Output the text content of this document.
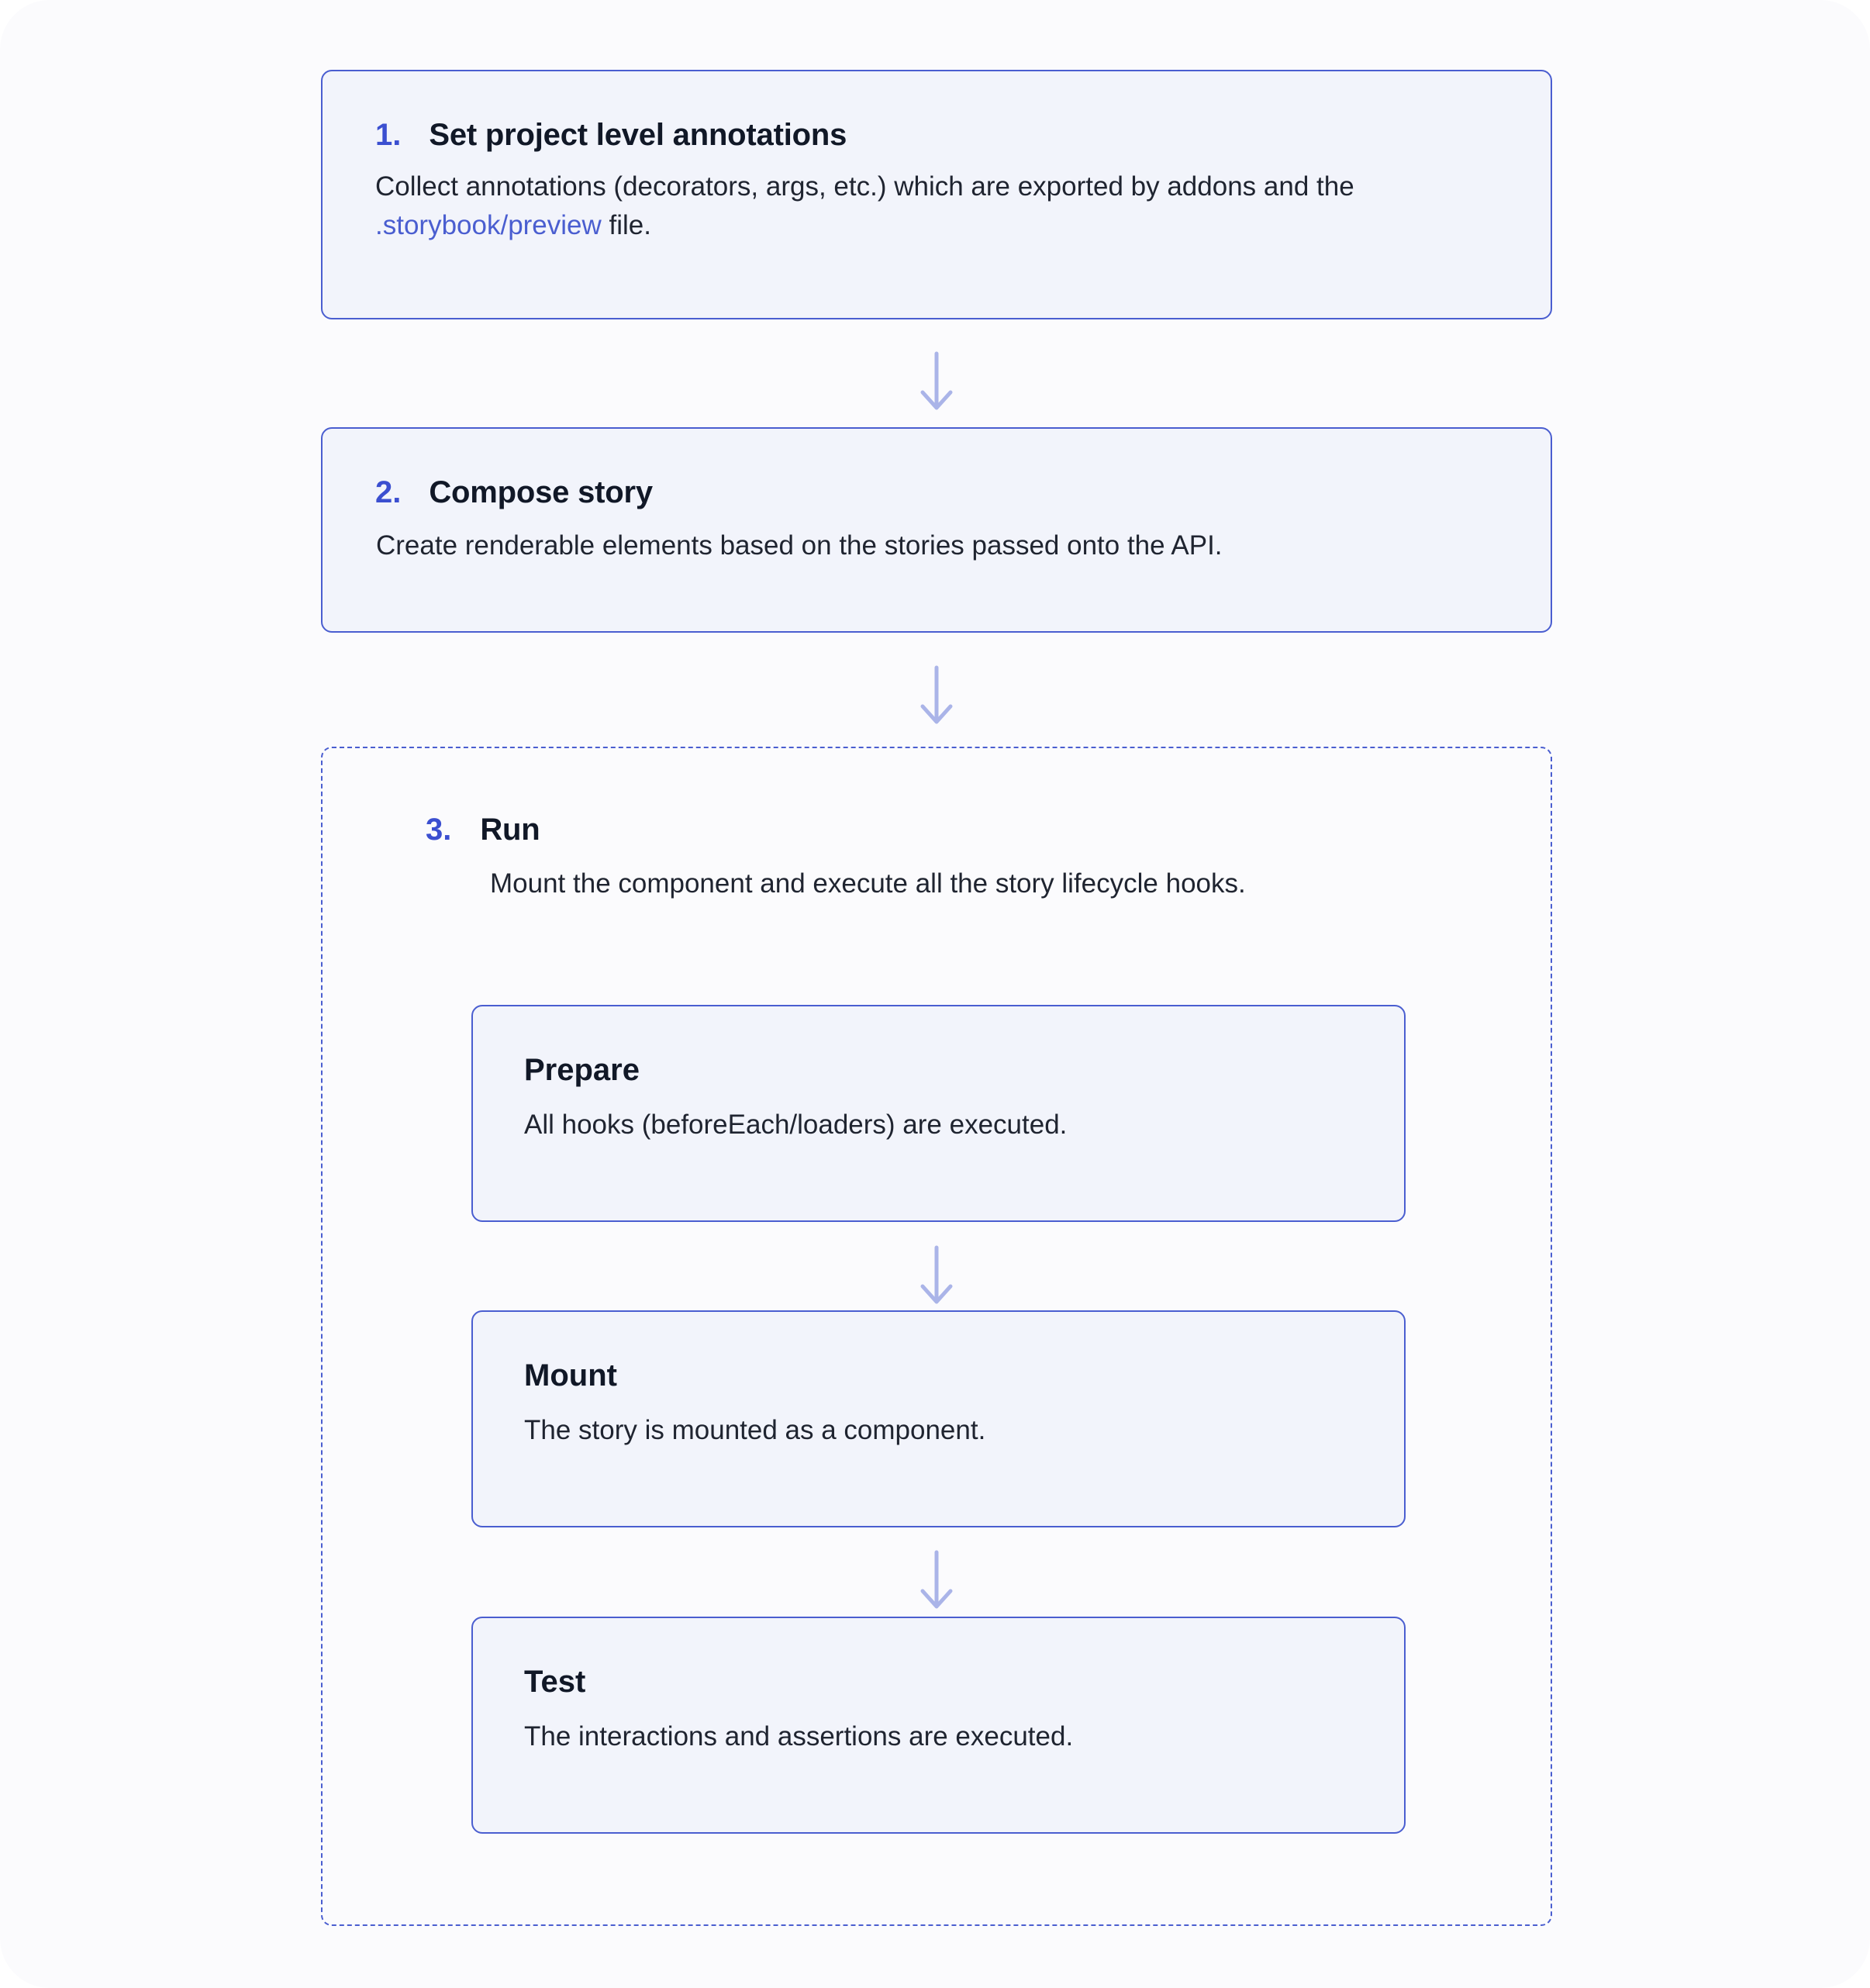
1. Set project level annotations
Collect annotations (decorators, args, etc.) which are exported by addons and the .storybook/preview file.
2. Compose story
Create renderable elements based on the stories passed onto the API.
3. Run
Mount the component and execute all the story lifecycle hooks.
Prepare
All hooks (beforeEach/loaders) are executed.
Mount
The story is mounted as a component.
Test
The interactions and assertions are executed.
